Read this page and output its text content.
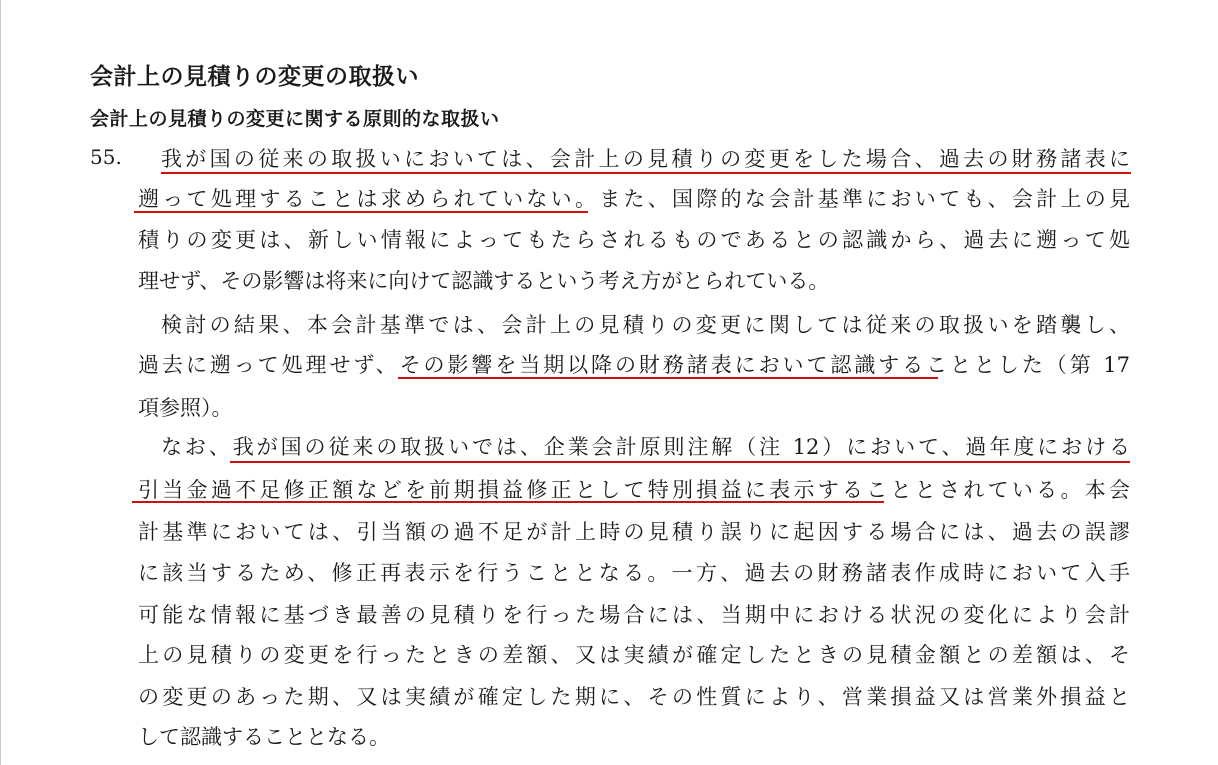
会計上の見積りの変更の取扱い
会計上の見積りの変更に関する原則的な取扱い
55. 我が国の従来の取扱いにおいては、会計上の見積りの変更をした場合、過去の財務諸表に
遡って処理することは求められていない。また、国際的な会計基準においても、会計上の見
積りの変更は、新しい情報によってもたらされるものであるとの認識から、過去に遡って処
理せず、その影響は将来に向けて認識するという考え方がとられている。
検討の結果、本会計基準では、会計上の見積りの変更に関しては従来の取扱いを踏襲し、
過去に遡って処理せず、その影響を当期以降の財務諸表において認識することとした（第 17
項参照）。
なお、我が国の従来の取扱いでは、企業会計原則注解（注 12）において、過年度における
引当金過不足修正額などを前期損益修正として特別損益に表示することとされている。本会
計基準においては、引当額の過不足が計上時の見積り誤りに起因する場合には、過去の誤謬
に該当するため、修正再表示を行うこととなる。一方、過去の財務諸表作成時において入手
可能な情報に基づき最善の見積りを行った場合には、当期中における状況の変化により会計
上の見積りの変更を行ったときの差額、又は実績が確定したときの見積金額との差額は、そ
の変更のあった期、又は実績が確定した期に、その性質により、営業損益又は営業外損益と
して認識することとなる。
